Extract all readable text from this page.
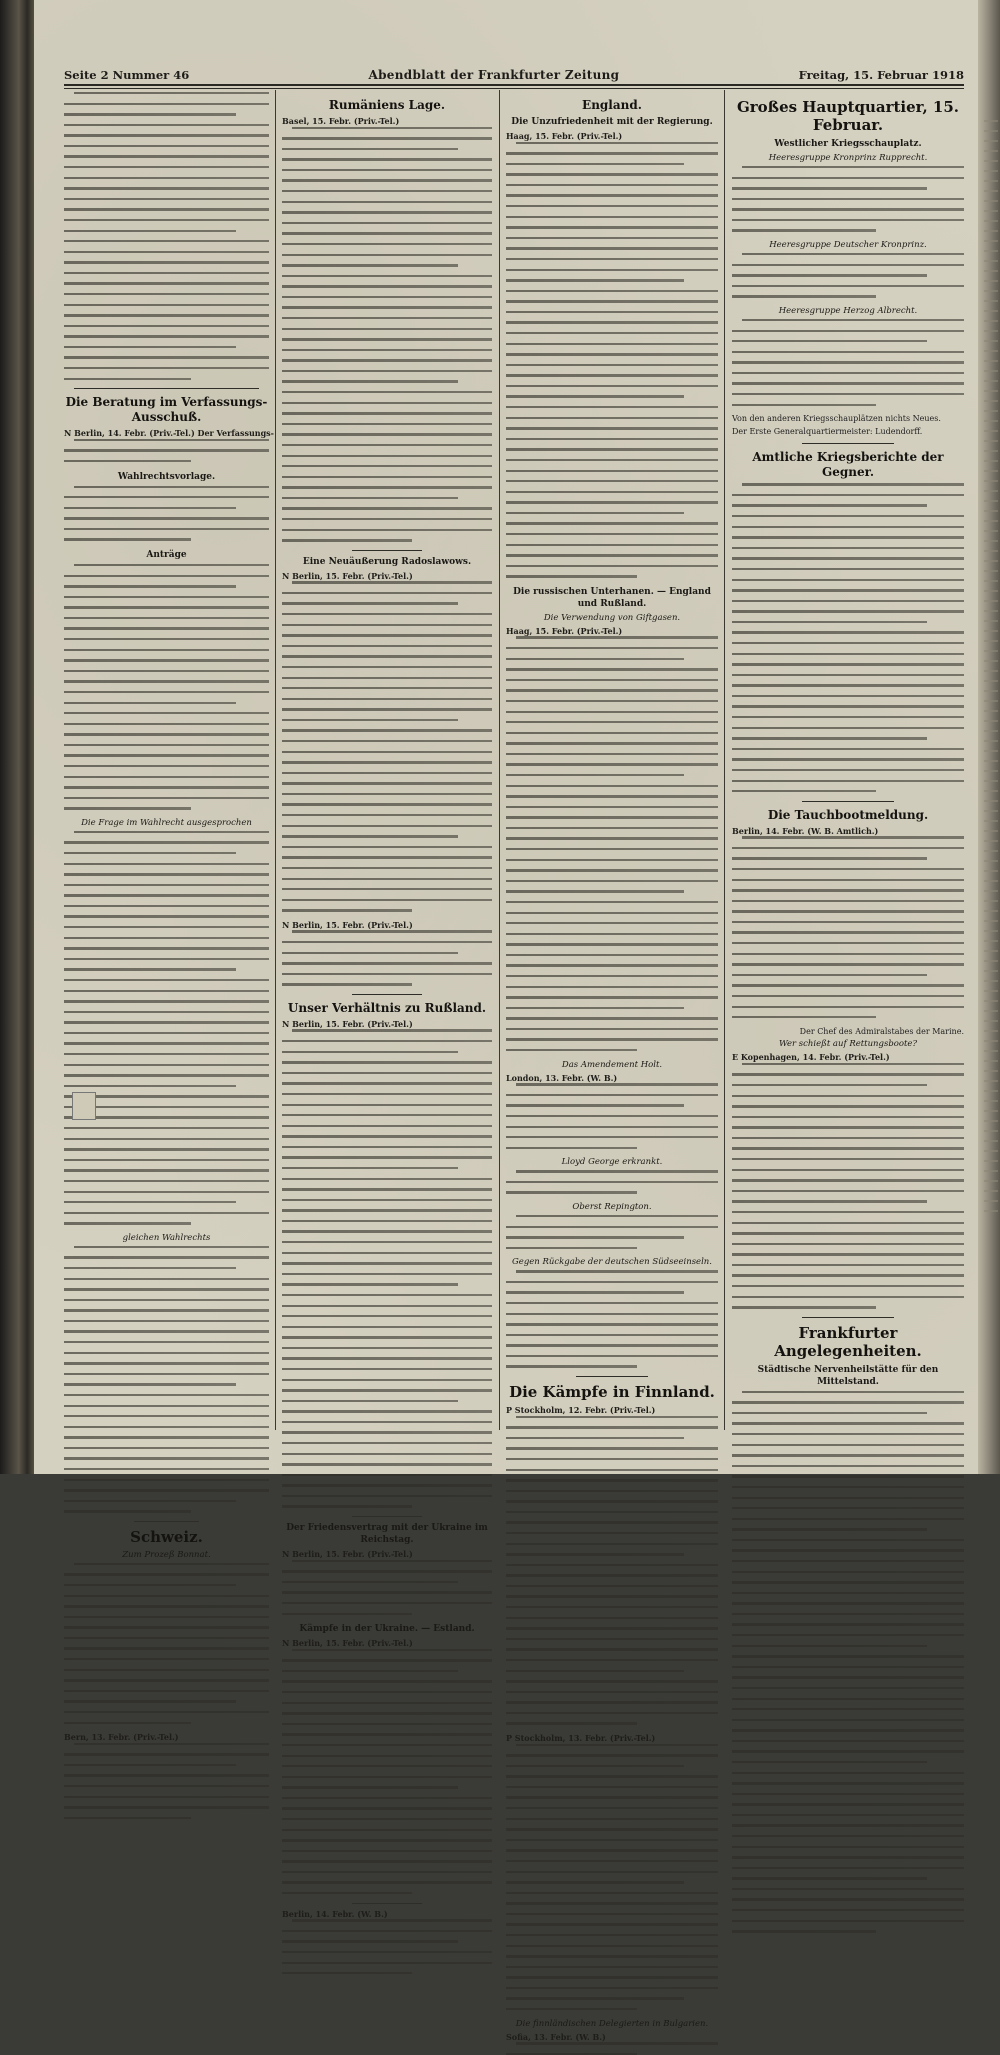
Seite 2 Nummer 46	Abendblatt der Frankfurter Zeitung	Freitag, 15. Februar 1918
Die Beratung im Verfassungs-Ausschuß.
N Berlin, 14. Febr. (Priv.-Tel.) Der Verfassungs-
Wahlrechtsvorlage.
Anträge
Die Frage im Wahlrecht ausgesprochen
gleichen Wahlrechts
Schweiz.
Zum Prozeß Bonnat.
Bern, 13. Febr. (Priv.-Tel.)
Rumäniens Lage.
Basel, 15. Febr. (Priv.-Tel.)
Eine Neuäußerung Radoslawows.
N Berlin, 15. Febr. (Priv.-Tel.)
N Berlin, 15. Febr. (Priv.-Tel.)
Unser Verhältnis zu Rußland.
N Berlin, 15. Febr. (Priv.-Tel.)
Der Friedensvertrag mit der Ukraine im Reichstag.
N Berlin, 15. Febr. (Priv.-Tel.)
Kämpfe in der Ukraine. — Estland.
N Berlin, 15. Febr. (Priv.-Tel.)
Berlin, 14. Febr. (W. B.)
England.
Die Unzufriedenheit mit der Regierung.
Haag, 15. Febr. (Priv.-Tel.)
Die russischen Unterhanen. — England und Rußland.
Die Verwendung von Giftgasen.
Haag, 15. Febr. (Priv.-Tel.)
Das Amendement Holt.
London, 13. Febr. (W. B.)
Lloyd George erkrankt.
Oberst Repington.
Gegen Rückgabe der deutschen Südseeinseln.
Die Kämpfe in Finnland.
P Stockholm, 12. Febr. (Priv.-Tel.)
P Stockholm, 13. Febr. (Priv.-Tel.)
Die finnländischen Delegierten in Bulgarien.
Sofia, 13. Febr. (W. B.)
Großes Hauptquartier, 15. Februar.
Westlicher Kriegsschauplatz.
Heeresgruppe Kronprinz Rupprecht.
Heeresgruppe Deutscher Kronprinz.
Heeresgruppe Herzog Albrecht.
Von den anderen Kriegsschauplätzen nichts Neues.
Der Erste Generalquartiermeister: Ludendorff.
Amtliche Kriegsberichte der Gegner.
Die Tauchbootmeldung.
Berlin, 14. Febr. (W. B. Amtlich.)
Der Chef des Admiralstabes der Marine.
Wer schießt auf Rettungsboote?
E Kopenhagen, 14. Febr. (Priv.-Tel.)
Frankfurter Angelegenheiten.
Städtische Nervenheilstätte für den Mittelstand.
